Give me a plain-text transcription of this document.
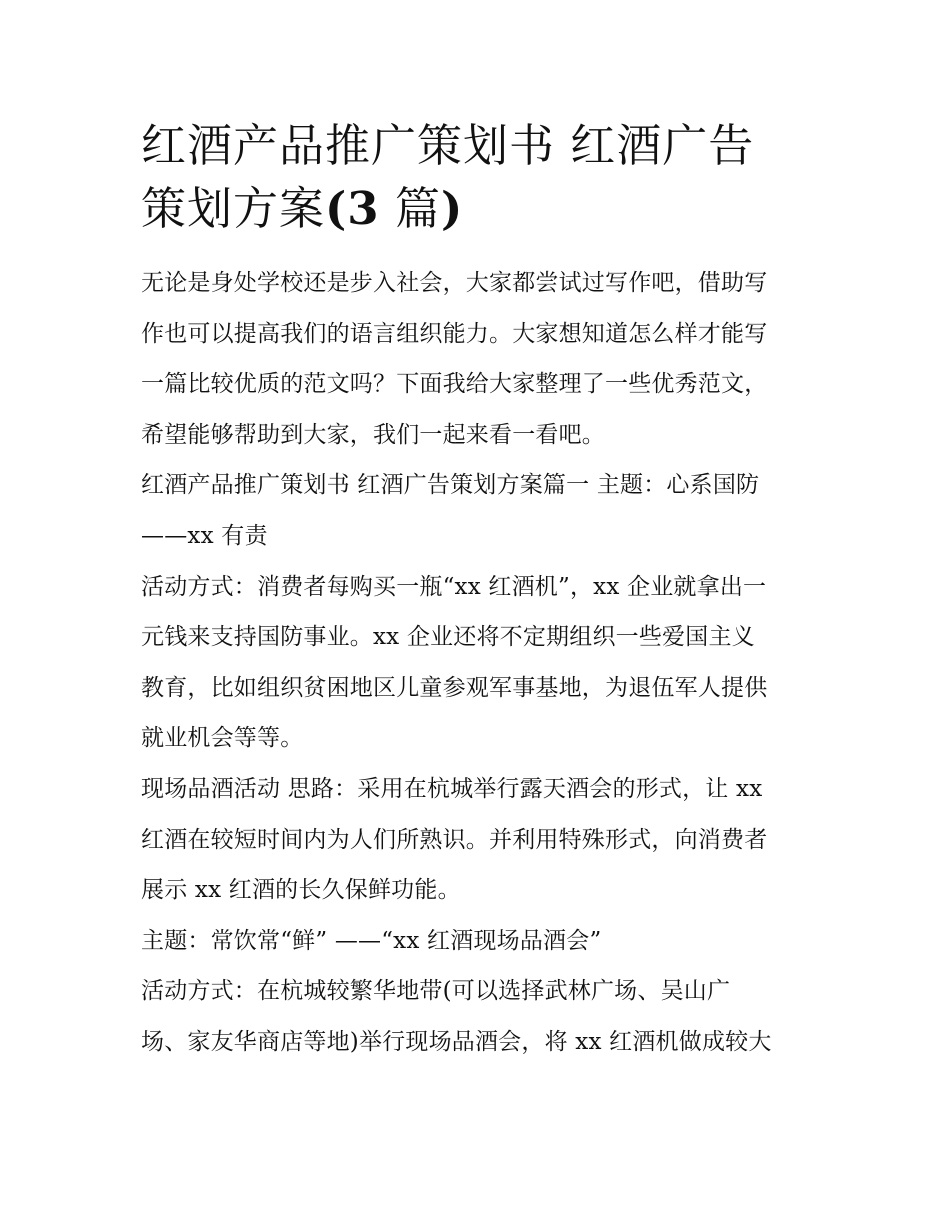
红酒产品推广策划书 红酒广告
策划方案(3 篇)
无论是身处学校还是步入社会，大家都尝试过写作吧，借助写
作也可以提高我们的语言组织能力。大家想知道怎么样才能写
一篇比较优质的范文吗？下面我给大家整理了一些优秀范文，
希望能够帮助到大家，我们一起来看一看吧。
红酒产品推广策划书 红酒广告策划方案篇一 主题：心系国防
——xx 有责
活动方式：消费者每购买一瓶“xx 红酒机”，xx 企业就拿出一
元钱来支持国防事业。xx 企业还将不定期组织一些爱国主义
教育，比如组织贫困地区儿童参观军事基地，为退伍军人提供
就业机会等等。
现场品酒活动 思路：采用在杭城举行露天酒会的形式，让 xx
红酒在较短时间内为人们所熟识。并利用特殊形式，向消费者
展示 xx 红酒的长久保鲜功能。
主题：常饮常“鲜” ——“xx 红酒现场品酒会”
活动方式：在杭城较繁华地带(可以选择武林广场、吴山广
场、家友华商店等地)举行现场品酒会，将 xx 红酒机做成较大
